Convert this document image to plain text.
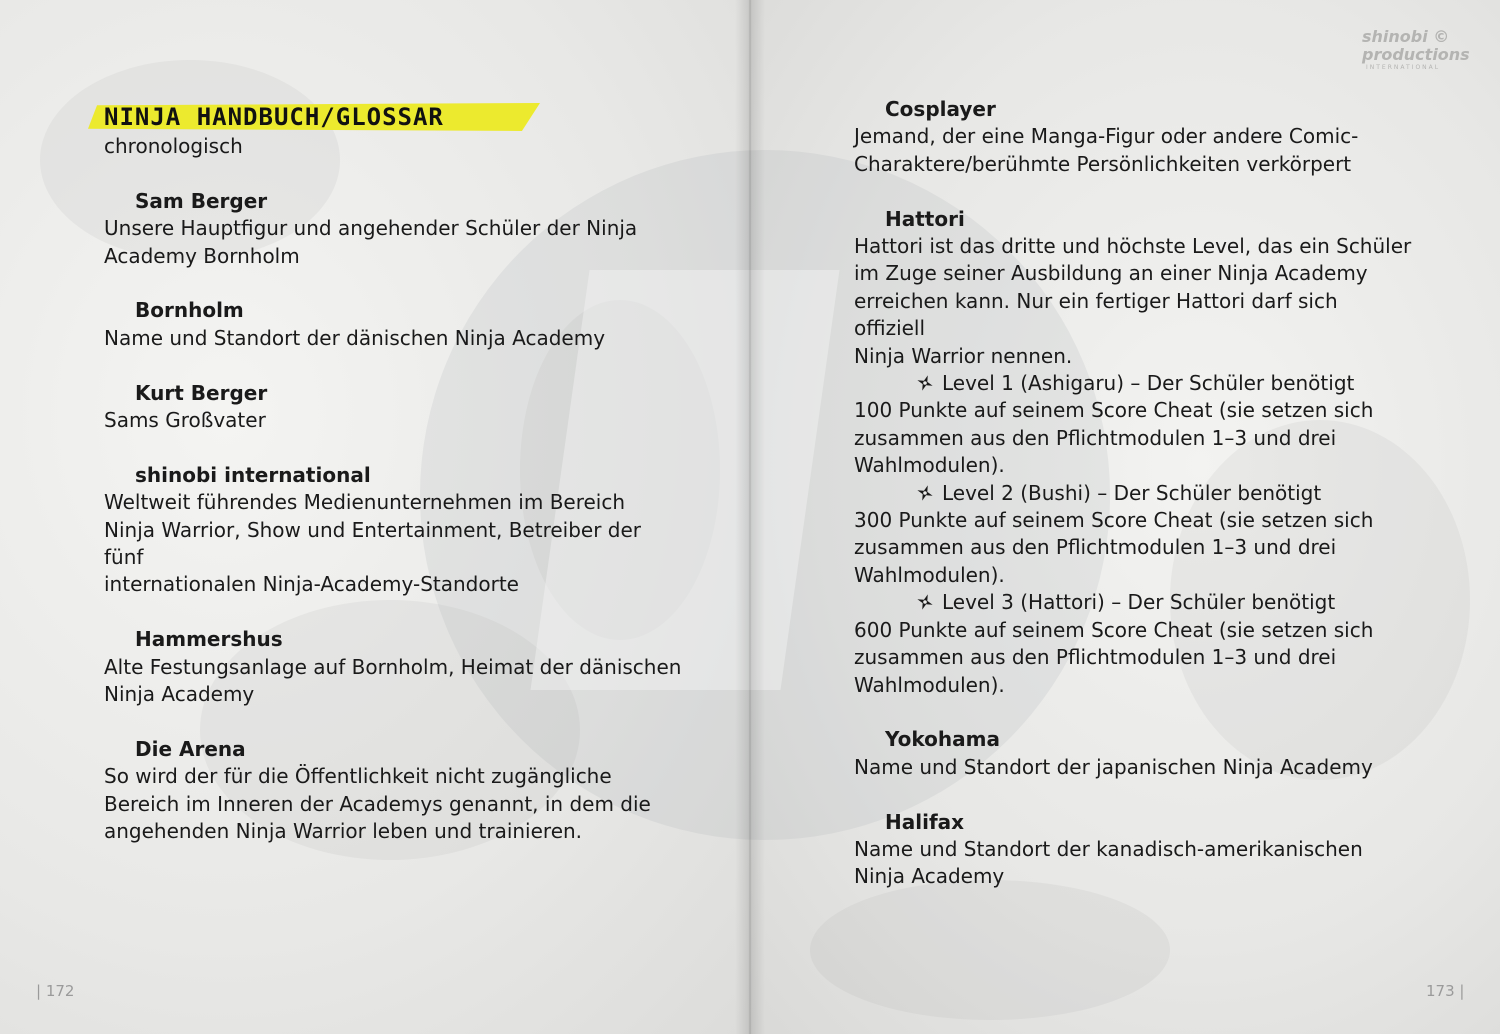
NINJA HANDBUCH/GLOSSAR
chronologisch
Sam Berger
Unsere Hauptfigur und angehender Schüler der Ninja
Academy Bornholm
Bornholm
Name und Standort der dänischen Ninja Academy
Kurt Berger
Sams Großvater
shinobi international
Weltweit führendes Medienunternehmen im Bereich
Ninja Warrior, Show und Entertainment, Betreiber der fünf
internationalen Ninja-Academy-Standorte
Hammershus
Alte Festungsanlage auf Bornholm, Heimat der dänischen
Ninja Academy
Die Arena
So wird der für die Öffentlichkeit nicht zugängliche
Bereich im Inneren der Academys genannt, in dem die
angehenden Ninja Warrior leben und trainieren.
Cosplayer
Jemand, der eine Manga-Figur oder andere Comic-
Charaktere/berühmte Persönlichkeiten verkörpert
Hattori
Hattori ist das dritte und höchste Level, das ein Schüler
im Zuge seiner Ausbildung an einer Ninja Academy
erreichen kann. Nur ein fertiger Hattori darf sich offiziell
Ninja Warrior nennen.
Level 1 (Ashigaru) – Der Schüler benötigt
100 Punkte auf seinem Score Cheat (sie setzen sich
zusammen aus den Pflichtmodulen 1–3 und drei
Wahlmodulen).
Level 2 (Bushi) – Der Schüler benötigt
300 Punkte auf seinem Score Cheat (sie setzen sich
zusammen aus den Pflichtmodulen 1–3 und drei
Wahlmodulen).
Level 3 (Hattori) – Der Schüler benötigt
600 Punkte auf seinem Score Cheat (sie setzen sich
zusammen aus den Pflichtmodulen 1–3 und drei
Wahlmodulen).
Yokohama
Name und Standort der japanischen Ninja Academy
Halifax
Name und Standort der kanadisch-amerikanischen
Ninja Academy
shinobi ©
productions
INTERNATIONAL
| 172	173 |
